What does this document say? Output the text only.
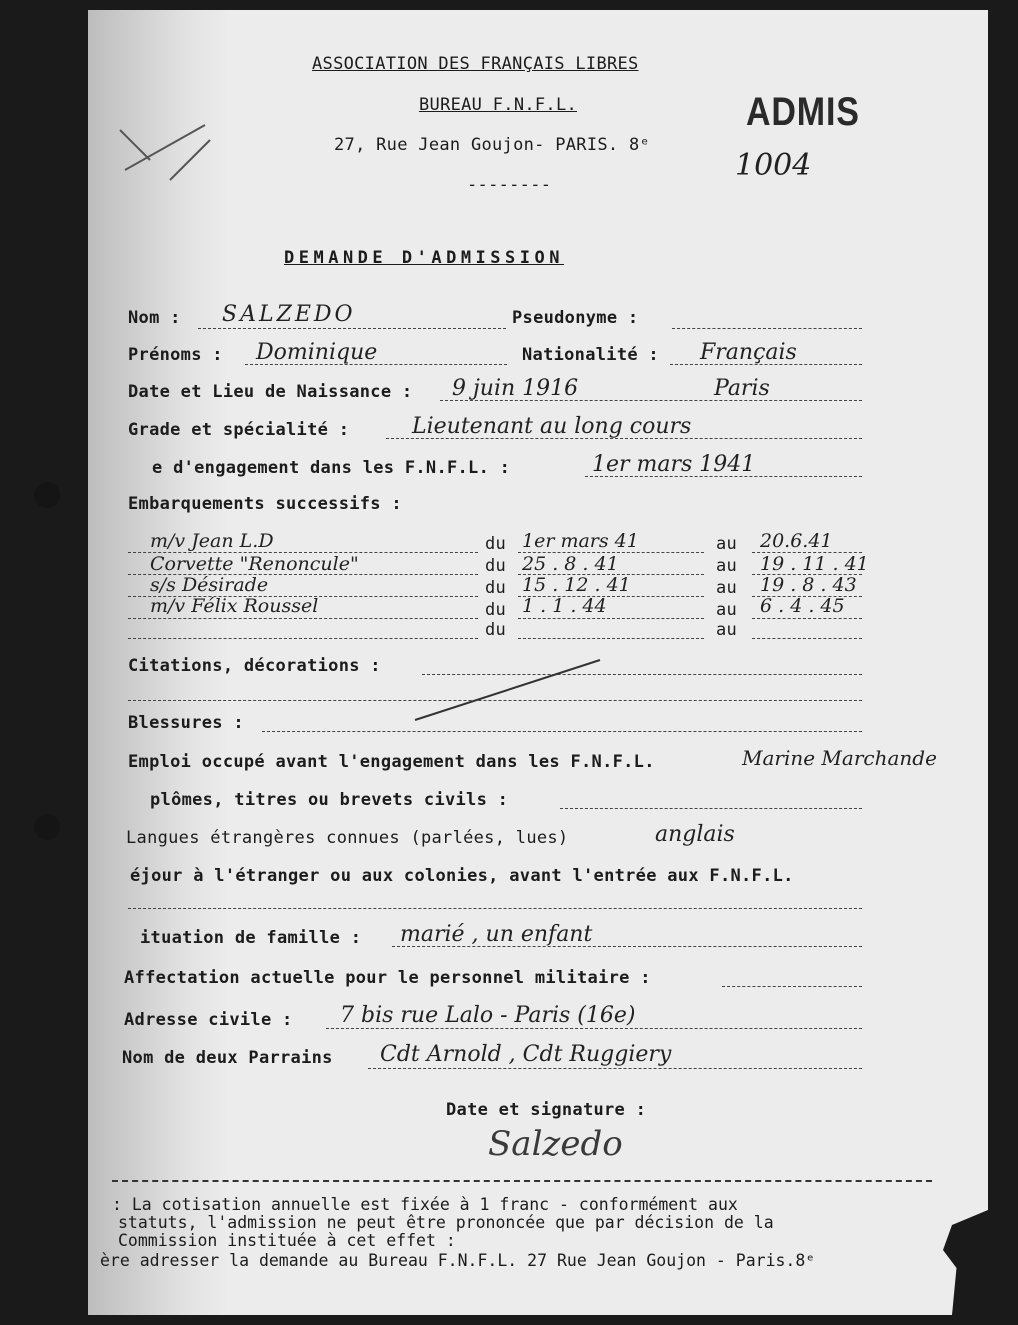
ASSOCIATION DES FRANÇAIS LIBRES
BUREAU F.N.F.L.
27, Rue Jean Goujon- PARIS. 8ᵉ
--------
ADMIS
1004
DEMANDE D'ADMISSION
Nom : SALZEDO	Pseudonyme :
Prénoms : Dominique	Nationalité : Français
Date et Lieu de Naissance : 9 juin 1916	Paris
Grade et spécialité :	Lieutenant au long cours
e d'engagement dans les F.N.F.L. :	1er mars 1941
Embarquements successifs :
m/v Jean L.D	du 1er mars 41	au 20.6.41
Corvette "Renoncule"	du 25 . 8 . 41	au 19 . 11 . 41
s/s Désirade	du 15 . 12 . 41	au 19 . 8 . 43
m/v Félix Roussel	du 1 . 1 . 44	au 6 . 4 . 45
du	au
Citations, décorations :
Blessures :
Emploi occupé avant l'engagement dans les F.N.F.L.	Marine Marchande
plômes, titres ou brevets civils :
Langues étrangères connues (parlées, lues)	anglais
éjour à l'étranger ou aux colonies, avant l'entrée aux F.N.F.L.
ituation de famille : marié , un enfant
Affectation actuelle pour le personnel militaire :
Adresse civile : 7 bis rue Lalo - Paris (16e)
Nom de deux Parrains Cdt Arnold , Cdt Ruggiery
Date et signature :
Salzedo
: La cotisation annuelle est fixée à 1 franc - conformément aux
statuts, l'admission ne peut être prononcée que par décision de la
Commission instituée à cet effet :
ère adresser la demande au Bureau F.N.F.L. 27 Rue Jean Goujon - Paris.8ᵉ
